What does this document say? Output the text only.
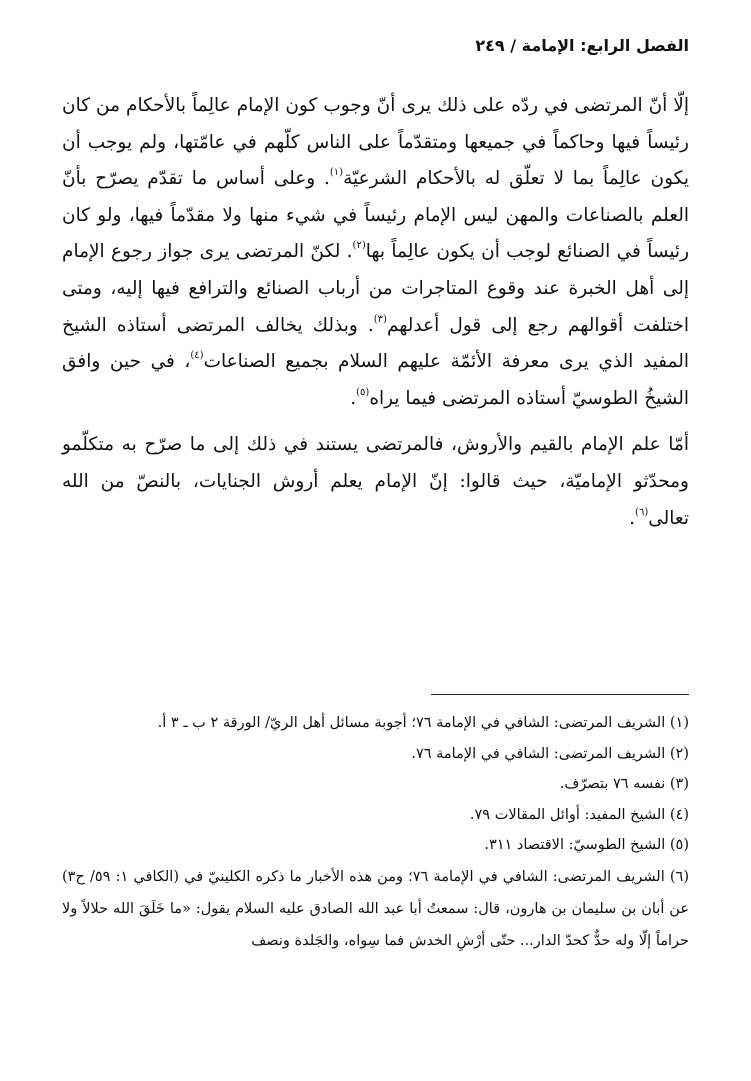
الفصل الرابع: الإمامة / ٢٤٩

إلّا أنّ المرتضى في ردّه على ذلك يرى أنّ وجوب كون الإمام عالِماً بالأحكام من كان رئيساً فيها وحاكماً في جميعها ومتقدّماً على الناس كلّهم في عامّتها، ولم يوجب أن يكون عالِماً بما لا تعلّق له بالأحكام الشرعيّة$^{(١)}$. وعلى أساس ما تقدّم يصرّح بأنّ العلم بالصناعات والمهن ليس الإمام رئيساً في شيء منها ولا مقدّماً فيها، ولو كان رئيساً في الصنائع لوجب أن يكون عالِماً بها$^{(٢)}$. لكنّ المرتضى يرى جواز رجوع الإمام إلى أهل الخبرة عند وقوع المتاجرات من أرباب الصنائع والترافع فيها إليه، ومتى اختلفت أقوالهم رجع إلى قول أعدلهم$^{(٣)}$. وبذلك يخالف المرتضى أستاذه الشيخ المفيد الذي يرى معرفة الأئمّة عليهم السلام بجميع الصناعات$^{(٤)}$، في حين وافق الشيخُ الطوسيّ أستاذه المرتضى فيما يراه$^{(٥)}$.

أمّا علم الإمام بالقيم والأروش، فالمرتضى يستند في ذلك إلى ما صرّح به متكلّمو ومحدّثو الإماميّة، حيث قالوا: إنّ الإمام يعلم أروش الجنايات، بالنصّ من الله تعالى$^{(٦)}$.

(١) الشريف المرتضى: الشافي في الإمامة ٧٦؛ أجوبة مسائل أهل الريّ/ الورقة ٢ ب ـ ٣ أ.

(٢) الشريف المرتضى: الشافي في الإمامة ٧٦.

(٣) نفسه ٧٦ بتصرّف.

(٤) الشيخ المفيد: أوائل المقالات ٧٩.

(٥) الشيخ الطوسيّ: الاقتصاد ٣١١.

(٦) الشريف المرتضى: الشافي في الإمامة ٧٦؛ ومن هذه الأخبار ما ذكره الكلينيّ في (الكافي ١: ٥٩/ ح٣) عن أبان بن سليمان بن هارون، قال: سمعتُ أبا عبد الله الصادق عليه السلام يقول: «ما خَلَقَ الله حلالاً ولا حراماً إلّا وله حدٌّ كحدّ الدار... حتّى أرْشِ الخدش فما سِواه، والجَلدة ونصف
